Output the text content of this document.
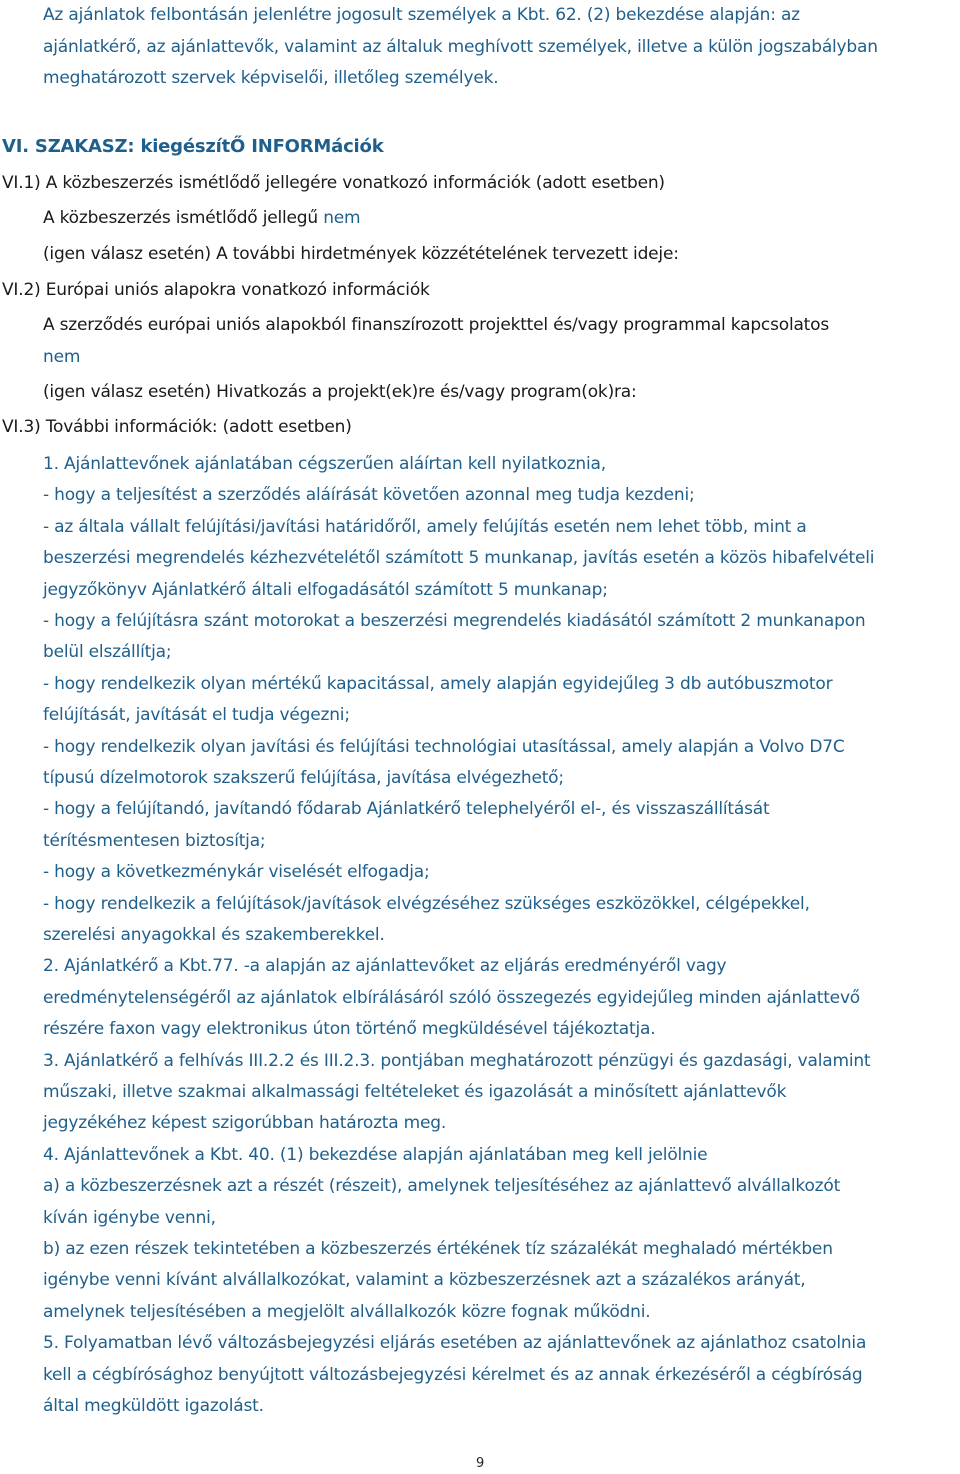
Az ajánlatok felbontásán jelenlétre jogosult személyek a Kbt. 62. (2) bekezdése alapján: az
ajánlatkérő, az ajánlattevők, valamint az általuk meghívott személyek, illetve a külön jogszabályban
meghatározott szervek képviselői, illetőleg személyek.
VI. SZAKASZ: kiegészítŐ INFORMációk
VI.1) A közbeszerzés ismétlődő jellegére vonatkozó információk (adott esetben)
A közbeszerzés ismétlődő jellegű nem
(igen válasz esetén) A további hirdetmények közzétételének tervezett ideje:
VI.2) Európai uniós alapokra vonatkozó információk
A szerződés európai uniós alapokból finanszírozott projekttel és/vagy programmal kapcsolatos
nem
(igen válasz esetén) Hivatkozás a projekt(ek)re és/vagy program(ok)ra:
VI.3) További információk: (adott esetben)
1. Ajánlattevőnek ajánlatában cégszerűen aláírtan kell nyilatkoznia,
- hogy a teljesítést a szerződés aláírását követően azonnal meg tudja kezdeni;
- az általa vállalt felújítási/javítási határidőről, amely felújítás esetén nem lehet több, mint a
beszerzési megrendelés kézhezvételétől számított 5 munkanap, javítás esetén a közös hibafelvételi
jegyzőkönyv Ajánlatkérő általi elfogadásától számított 5 munkanap;
- hogy a felújításra szánt motorokat a beszerzési megrendelés kiadásától számított 2 munkanapon
belül elszállítja;
- hogy rendelkezik olyan mértékű kapacitással, amely alapján egyidejűleg 3 db autóbuszmotor
felújítását, javítását el tudja végezni;
- hogy rendelkezik olyan javítási és felújítási technológiai utasítással, amely alapján a Volvo D7C
típusú dízelmotorok szakszerű felújítása, javítása elvégezhető;
- hogy a felújítandó, javítandó fődarab Ajánlatkérő telephelyéről el-, és visszaszállítását
térítésmentesen biztosítja;
- hogy a következménykár viselését elfogadja;
- hogy rendelkezik a felújítások/javítások elvégzéséhez szükséges eszközökkel, célgépekkel,
szerelési anyagokkal és szakemberekkel.
2. Ajánlatkérő a Kbt.77. -a alapján az ajánlattevőket az eljárás eredményéről vagy
eredménytelenségéről az ajánlatok elbírálásáról szóló összegezés egyidejűleg minden ajánlattevő
részére faxon vagy elektronikus úton történő megküldésével tájékoztatja.
3. Ajánlatkérő a felhívás III.2.2 és III.2.3. pontjában meghatározott pénzügyi és gazdasági, valamint
műszaki, illetve szakmai alkalmassági feltételeket és igazolását a minősített ajánlattevők
jegyzékéhez képest szigorúbban határozta meg.
4. Ajánlattevőnek a Kbt. 40. (1) bekezdése alapján ajánlatában meg kell jelölnie
a) a közbeszerzésnek azt a részét (részeit), amelynek teljesítéséhez az ajánlattevő alvállalkozót
kíván igénybe venni,
b) az ezen részek tekintetében a közbeszerzés értékének tíz százalékát meghaladó mértékben
igénybe venni kívánt alvállalkozókat, valamint a közbeszerzésnek azt a százalékos arányát,
amelynek teljesítésében a megjelölt alvállalkozók közre fognak működni.
5. Folyamatban lévő változásbejegyzési eljárás esetében az ajánlattevőnek az ajánlathoz csatolnia
kell a cégbírósághoz benyújtott változásbejegyzési kérelmet és az annak érkezéséről a cégbíróság
által megküldött igazolást.
9
